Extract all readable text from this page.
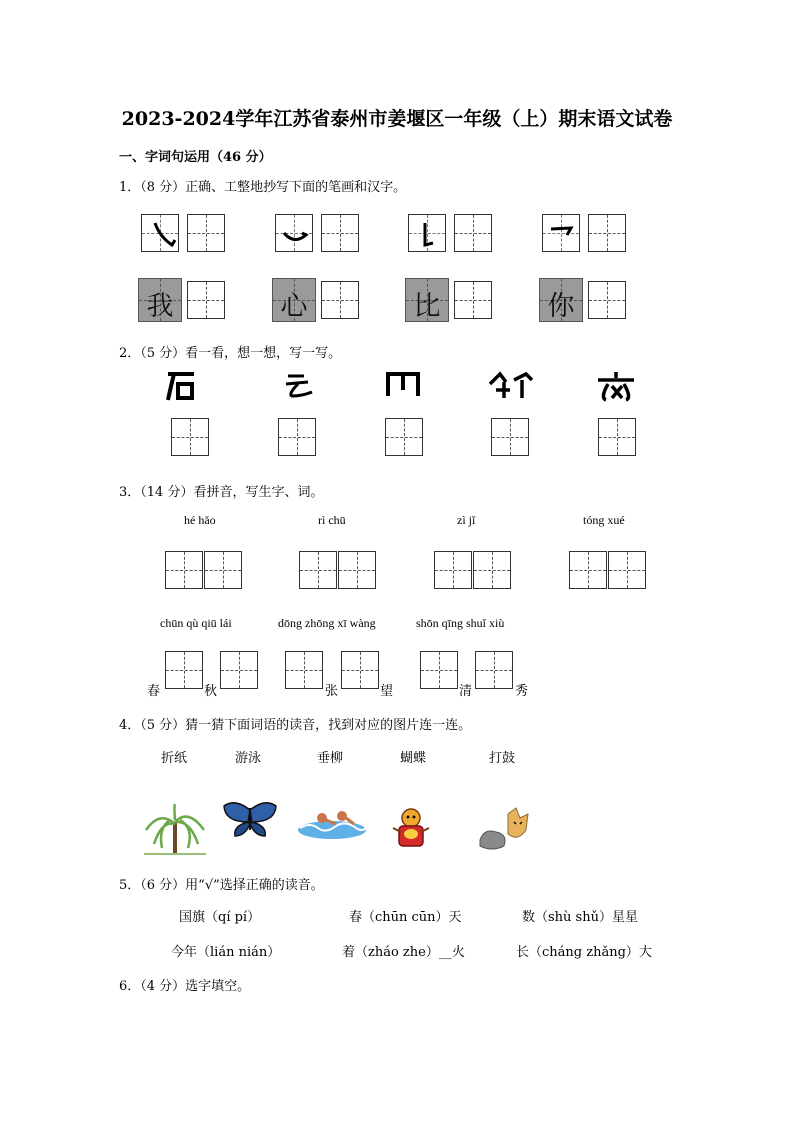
2023-2024学年江苏省泰州市姜堰区一年级（上）期末语文试卷
一、字词句运用（46 分）
1．（8 分）正确、工整地抄写下面的笔画和汉字。
我	心	比	你
2．（5 分）看一看，想一想，写一写。
3．（14 分）看拼音，写生字、词。
hé hǎo	rì chū	zì jǐ	tóng xué
chūn qù qiū lái	dōng zhōng xī wàng	shōn qīng shuǐ xiù
春	秋	张	望	清	秀
4．（5 分）猜一猜下面词语的读音，找到对应的图片连一连。
折纸	游泳	垂柳	蝴蝶	打鼓
5．（6 分）用“√”选择正确的读音。
国旗（qí pí）	春（chūn cūn）天	数（shù shǔ）星星
今年（lián nián）	着（zháo zhe）__火	长（cháng zhǎng）大
6．（4 分）选字填空。
